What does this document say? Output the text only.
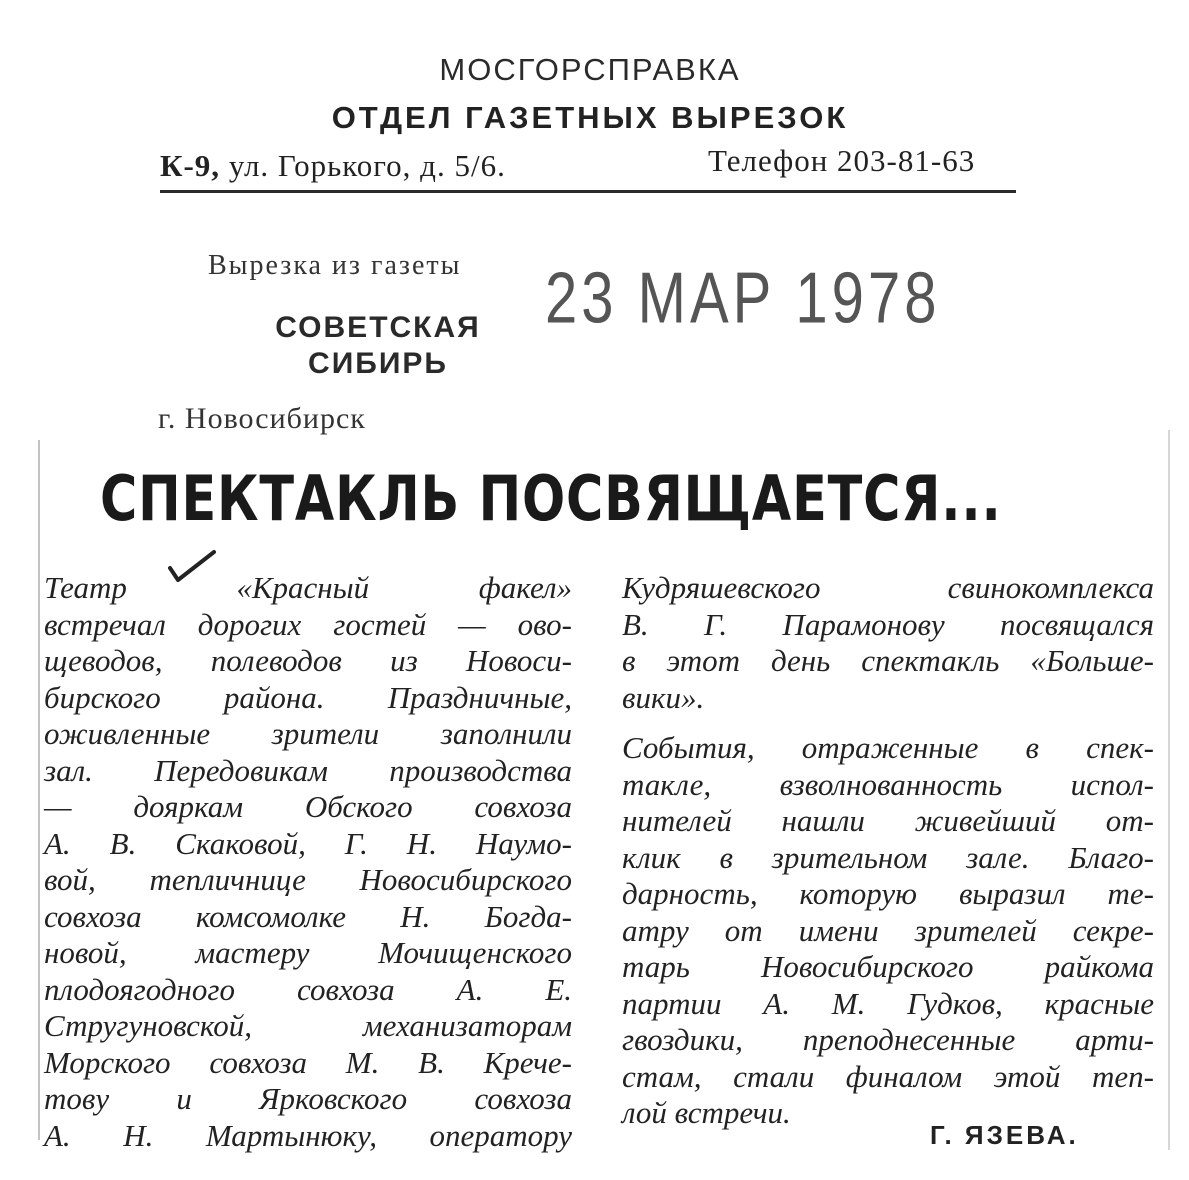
МОСГОРСПРАВКА
ОТДЕЛ ГАЗЕТНЫХ ВЫРЕЗОК
К-9, ул. Горького, д. 5/6.	Телефон 203-81-63
Вырезка из газеты 23 МАР 1978
СОВЕТСКАЯ
СИБИРЬ
г. Новосибирск
СПЕКТАКЛЬ ПОСВЯЩАЕТСЯ...
Театр «Красный факел»
встречал дорогих гостей — ово-
щеводов, полеводов из Новоси-
бирского района. Праздничные,
оживленные зрители заполнили
зал. Передовикам производства
— дояркам Обского совхоза
А. В. Скаковой, Г. Н. Наумо-
вой, тепличнице Новосибирского
совхоза комсомолке Н. Богда-
новой, мастеру Мочищенского
плодоягодного совхоза А. Е.
Стругуновской, механизаторам
Морского совхоза М. В. Крече-
тову и Ярковского совхоза
А. Н. Мартынюку, оператору
Кудряшевского свинокомплекса
В. Г. Парамонову посвящался
в этот день спектакль «Больше-
вики».
События, отраженные в спек-
такле, взволнованность испол-
нителей нашли живейший от-
клик в зрительном зале. Благо-
дарность, которую выразил те-
атру от имени зрителей секре-
тарь Новосибирского райкома
партии А. М. Гудков, красные
гвоздики, преподнесенные арти-
стам, стали финалом этой теп-
лой встречи.
Г. ЯЗЕВА.
